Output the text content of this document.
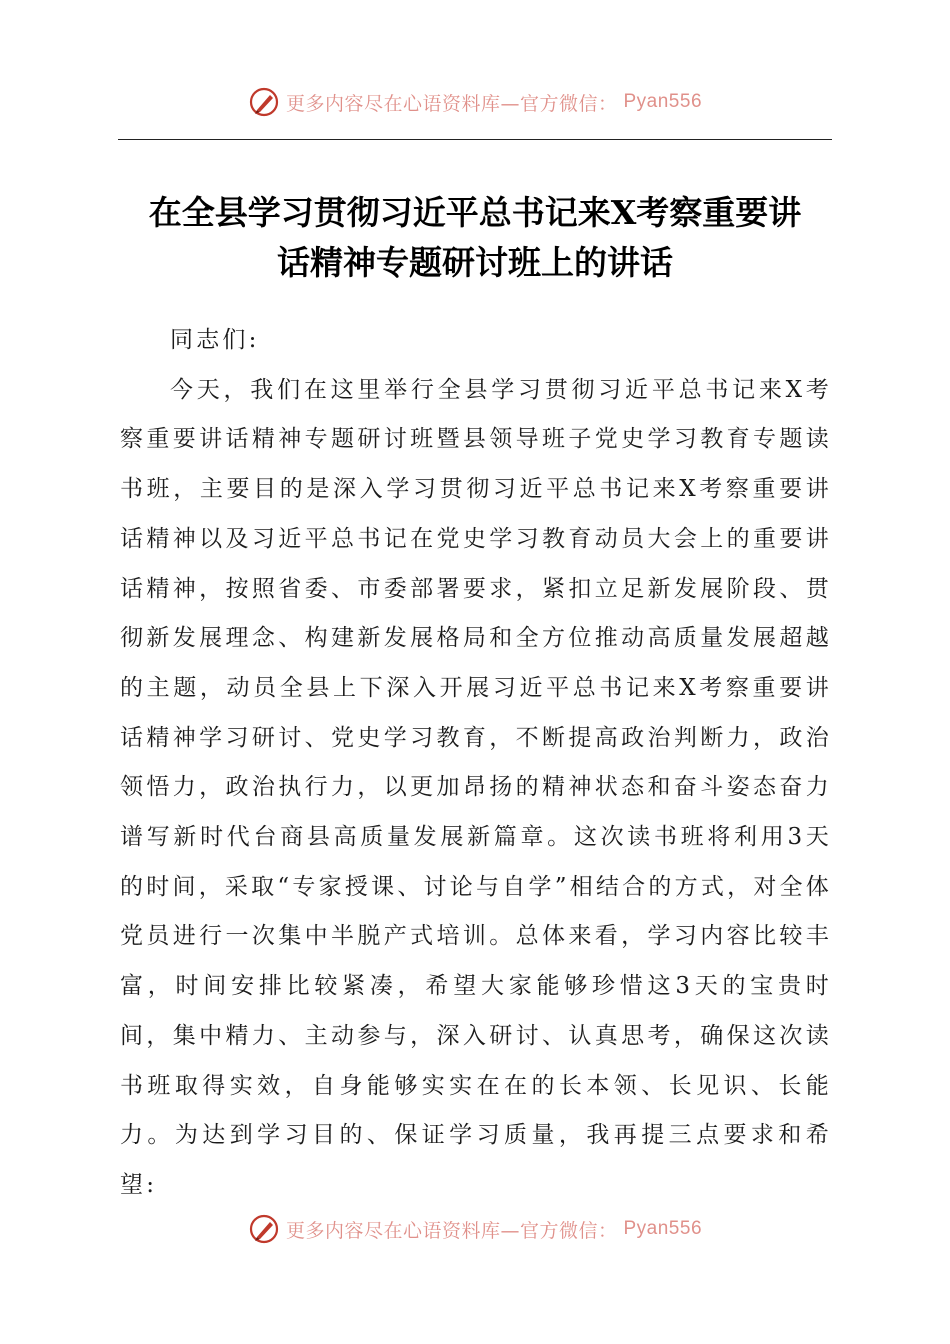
更多内容尽在心语资料库—官方微信： Pyan556
在全县学习贯彻习近平总书记来X考察重要讲
话精神专题研讨班上的讲话

同志们:

今天，我们在这里举行全县学习贯彻习近平总书记来X考察重要讲话精神专题研讨班暨县领导班子党史学习教育专题读书班，主要目的是深入学习贯彻习近平总书记来X考察重要讲话精神以及习近平总书记在党史学习教育动员大会上的重要讲话精神，按照省委、市委部署要求，紧扣立足新发展阶段、贯彻新发展理念、构建新发展格局和全方位推动高质量发展超越的主题，动员全县上下深入开展习近平总书记来X考察重要讲话精神学习研讨、党史学习教育，不断提高政治判断力，政治领悟力，政治执行力，以更加昂扬的精神状态和奋斗姿态奋力谱写新时代台商县高质量发展新篇章。这次读书班将利用3天的时间，采取“专家授课、讨论与自学”相结合的方式，对全体党员进行一次集中半脱产式培训。总体来看，学习内容比较丰富，时间安排比较紧凑，希望大家能够珍惜这3天的宝贵时间，集中精力、主动参与，深入研讨、认真思考，确保这次读书班取得实效，自身能够实实在在的长本领、长见识、长能力。为达到学习目的、保证学习质量，我再提三点要求和希望:

更多内容尽在心语资料库—官方微信： Pyan556
